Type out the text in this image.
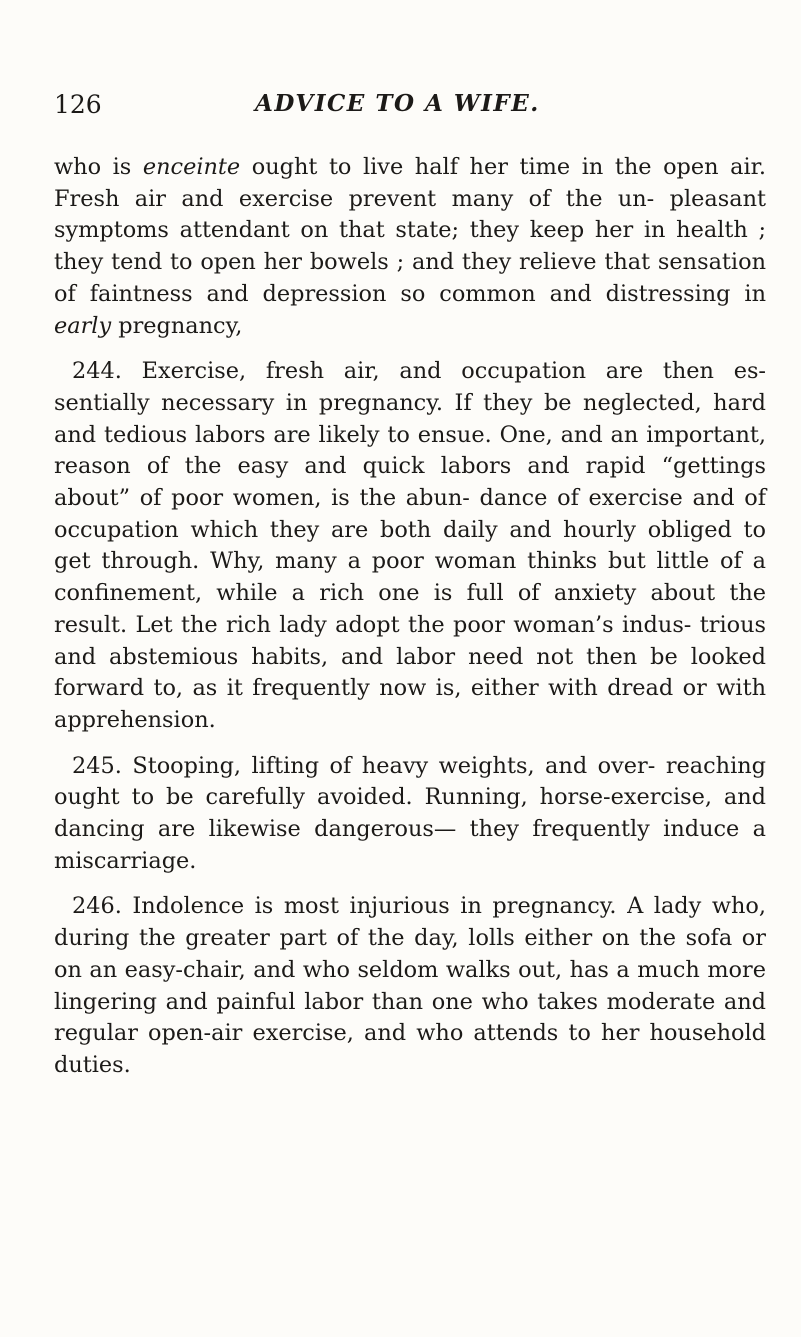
126	ADVICE TO A WIFE.

who is enceinte ought to live half her time in the open air. Fresh air and exercise prevent many of the un- pleasant symptoms attendant on that state; they keep her in health ; they tend to open her bowels ; and they relieve that sensation of faintness and depression so common and distressing in early pregnancy,

244. Exercise, fresh air, and occupation are then es- sentially necessary in pregnancy. If they be neglected, hard and tedious labors are likely to ensue. One, and an important, reason of the easy and quick labors and rapid “gettings about” of poor women, is the abun- dance of exercise and of occupation which they are both daily and hourly obliged to get through. Why, many a poor woman thinks but little of a confinement, while a rich one is full of anxiety about the result. Let the rich lady adopt the poor woman’s indus- trious and abstemious habits, and labor need not then be looked forward to, as it frequently now is, either with dread or with apprehension.

245. Stooping, lifting of heavy weights, and over- reaching ought to be carefully avoided. Running, horse-exercise, and dancing are likewise dangerous— they frequently induce a miscarriage.

246. Indolence is most injurious in pregnancy. A lady who, during the greater part of the day, lolls either on the sofa or on an easy-chair, and who seldom walks out, has a much more lingering and painful labor than one who takes moderate and regular open-air exercise, and who attends to her household duties.
